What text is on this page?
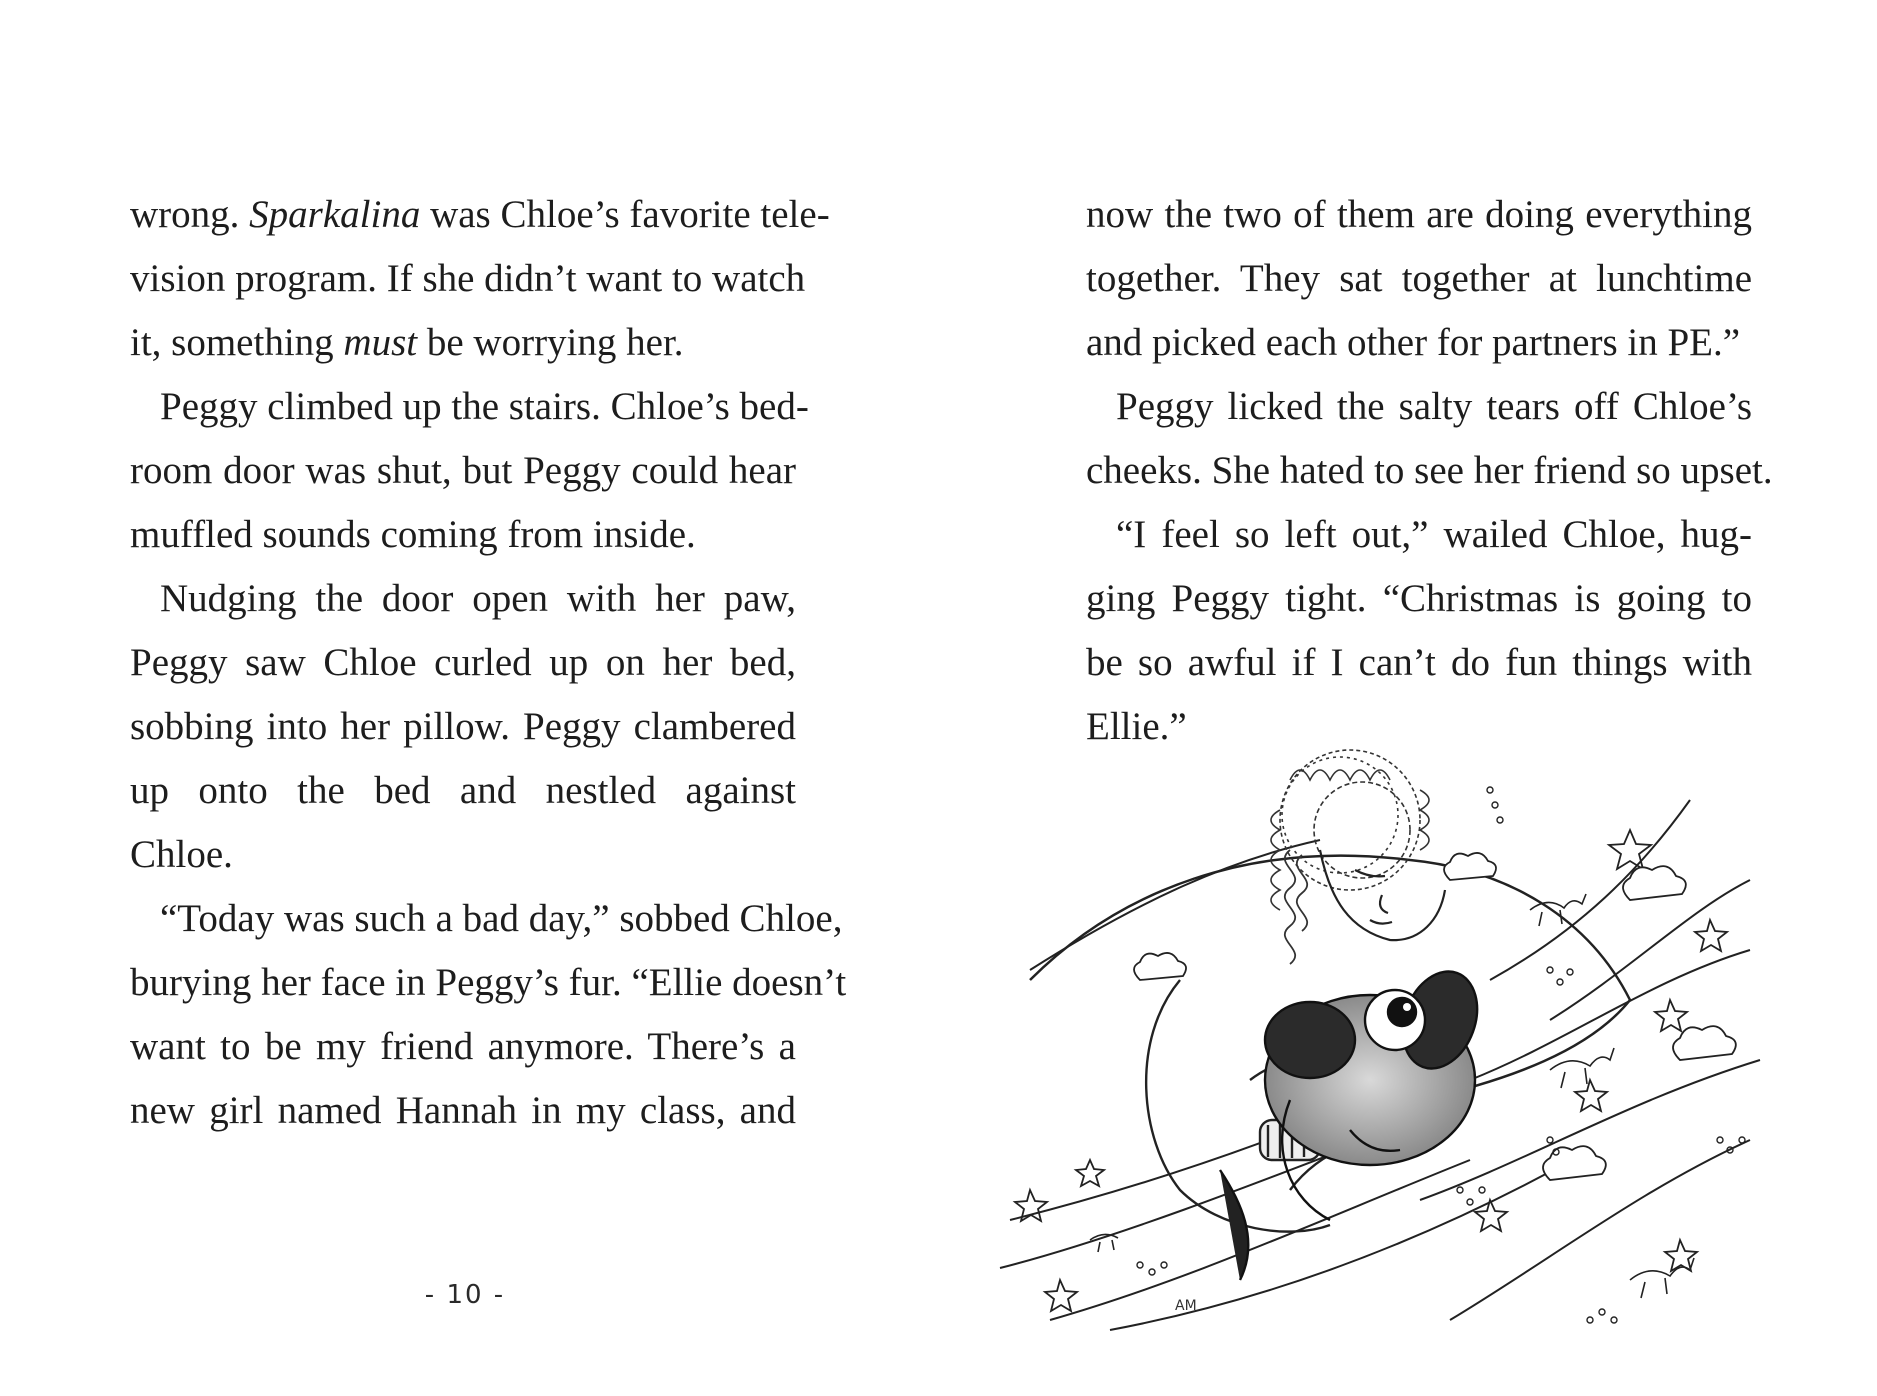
wrong. Sparkalina was Chloe’s favorite tele-
vision program. If she didn’t want to watch
it, something must be worrying her.
Peggy climbed up the stairs. Chloe’s bed-
room door was shut, but Peggy could hear
muffled sounds coming from inside.
Nudging the door open with her paw,
Peggy saw Chloe curled up on her bed,
sobbing into her pillow. Peggy clambered
up onto the bed and nestled against
Chloe.
“Today was such a bad day,” sobbed Chloe,
burying her face in Peggy’s fur. “Ellie doesn’t
want to be my friend anymore. There’s a
new girl named Hannah in my class, and
- 10 -
now the two of them are doing everything
together. They sat together at lunchtime
and picked each other for partners in PE.”
Peggy licked the salty tears off Chloe’s
cheeks. She hated to see her friend so upset.
“I feel so left out,” wailed Chloe, hug-
ging Peggy tight. “Christmas is going to
be so awful if I can’t do fun things with
Ellie.”
AM
